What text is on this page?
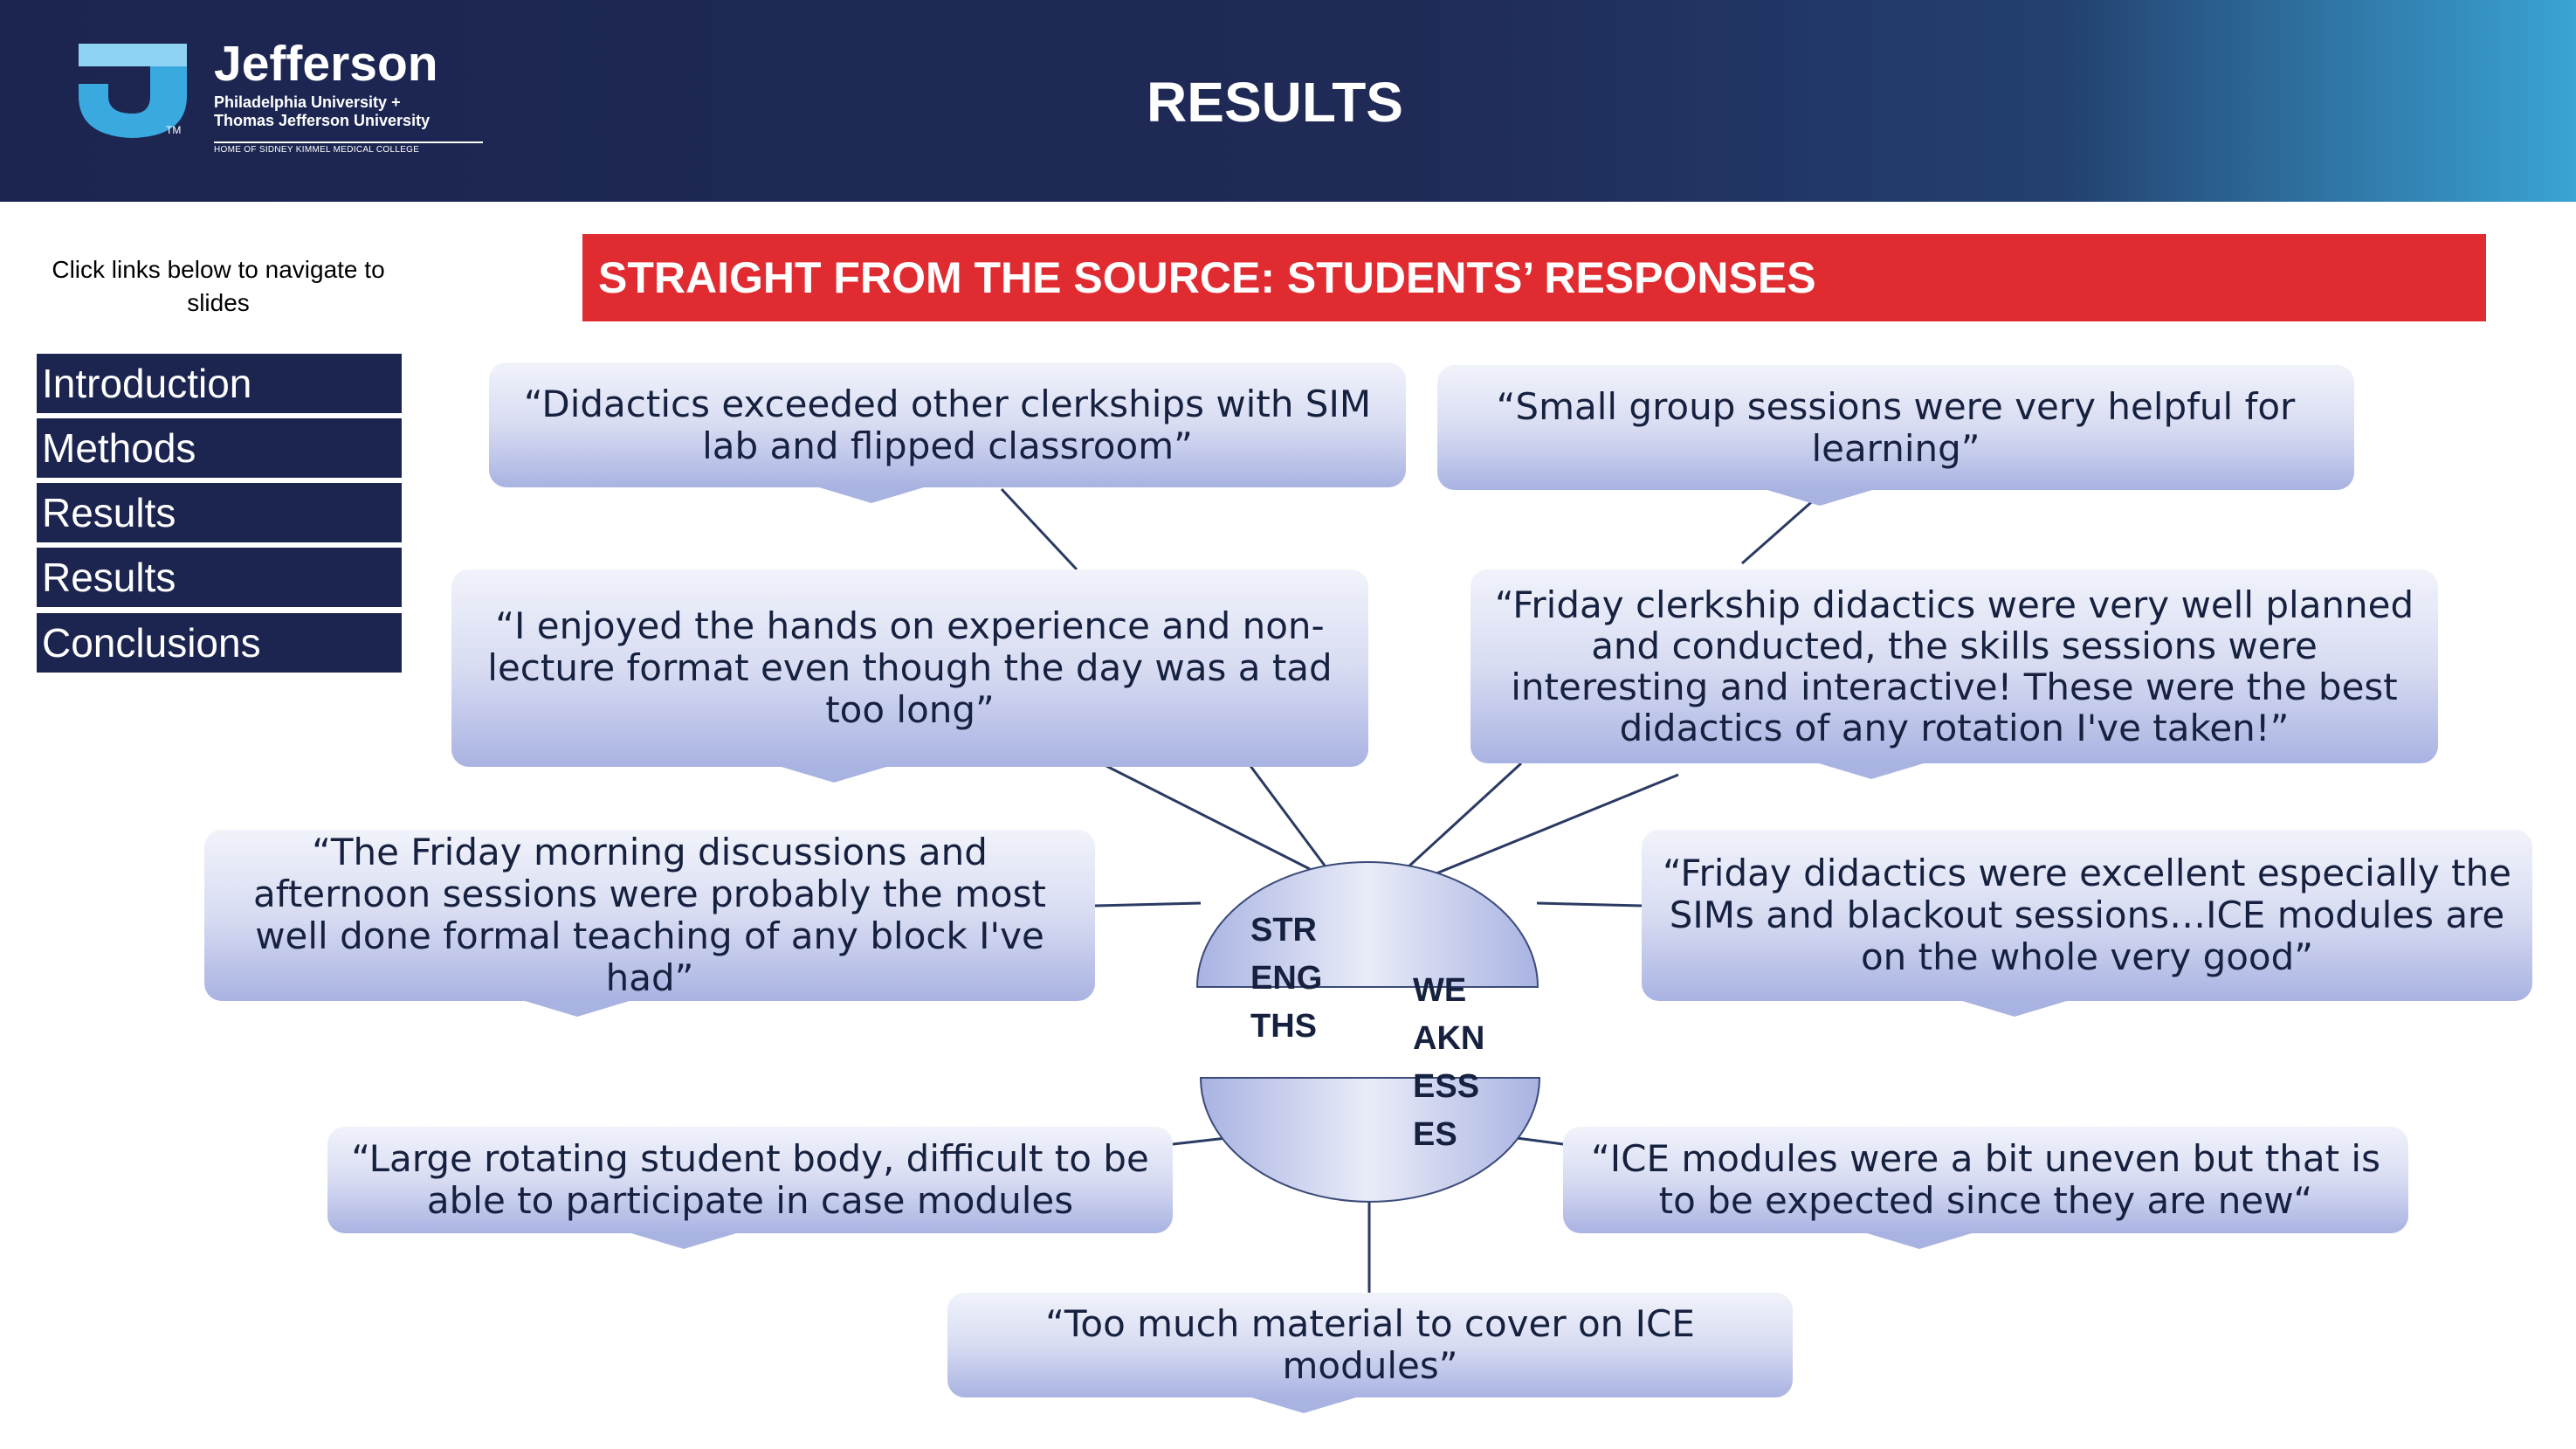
TM
Jefferson
Philadelphia University +
Thomas Jefferson University
HOME OF SIDNEY KIMMEL MEDICAL COLLEGE
RESULTS
Click links below to navigate to slides
Introduction
Methods
Results
Results
Conclusions
STRAIGHT FROM THE SOURCE: STUDENTS’ RESPONSES
STR
ENG
THS
WE
AKN
ESS
ES
“Didactics exceeded other clerkships with SIM lab and flipped classroom”
“Small group sessions were very helpful for learning”
“I enjoyed the hands on experience and non-lecture format even though the day was a tad too long”
“Friday clerkship didactics were very well planned and conducted, the skills sessions were interesting and interactive! These were the best didactics of any rotation I've taken!”
“The Friday morning discussions and afternoon sessions were probably the most well done formal teaching of any block I've had”
“Friday didactics were excellent especially the SIMs and blackout sessions…ICE modules are on the whole very good”
“Large rotating student body, difficult to be able to participate in case modules
“ICE modules were a bit uneven but that is to be expected since they are new“
“Too much material to cover on ICE modules”
